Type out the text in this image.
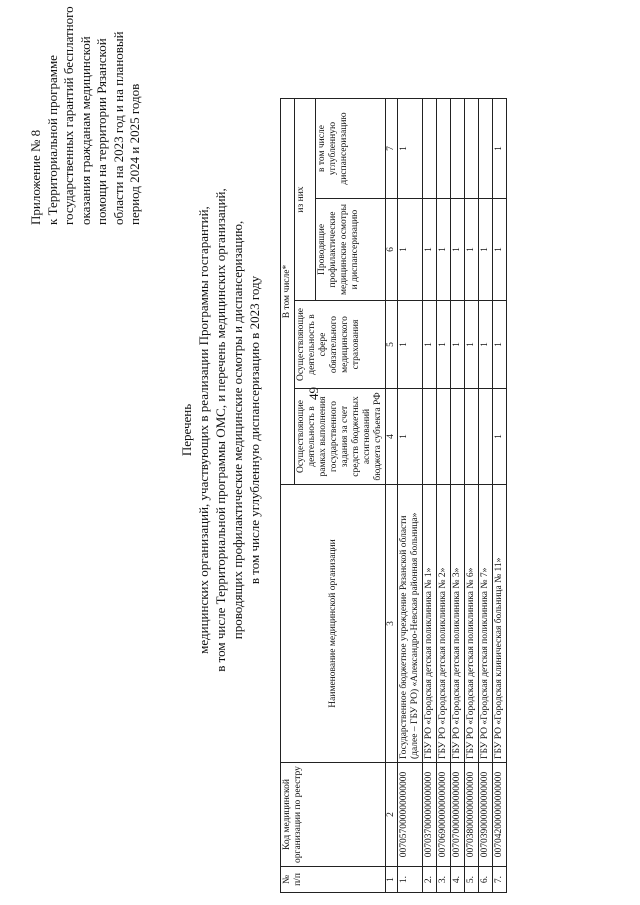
49
Приложение № 8 к Территориальной программе государственных гарантий бесплатного оказания гражданам медицинской помощи на территории Рязанской области на 2023 год и на плановый период 2024 и 2025 годов
Перечень медицинских организаций, участвующих в реализации Программы госгарантий, в том числе Территориальной программы ОМС, и перечень медицинских организаций, проводящих профилактические медицинские осмотры и диспансеризацию, в том числе углубленную диспансеризацию в 2023 году
№ п/п	Код медицинской организации по реестру	Наименование медицинской организации	В том числе*			
			Осуществляющие деятельность в рамках выполнения государственного задания за счет средств бюджетных ассигнований бюджета субъекта РФ	Осуществляющие деятельность в сфере обязательного медицинского страхования	из них	
					Проводящие профилактические медицинские осмотры и диспансеризацию	в том числе углубленную диспансеризацию
1	2	3	4	5	6	7
1.	007057000000000000	Государственное бюджетное учреждение Рязанской области (далее – ГБУ РО) «Александро-Невская районная больница»	1	1	1	1
2.	007037000000000000	ГБУ РО «Городская детская поликлиника № 1»		1	1	
3.	007069000000000000	ГБУ РО «Городская детская поликлиника № 2»		1	1	
4.	007070000000000000	ГБУ РО «Городская детская поликлиника № 3»		1	1	
5.	007038000000000000	ГБУ РО «Городская детская поликлиника № 6»		1	1	
6.	007039000000000000	ГБУ РО «Городская детская поликлиника № 7»		1	1	
7.	007042000000000000	ГБУ РО «Городская клиническая больница № 11»	1	1	1	1
